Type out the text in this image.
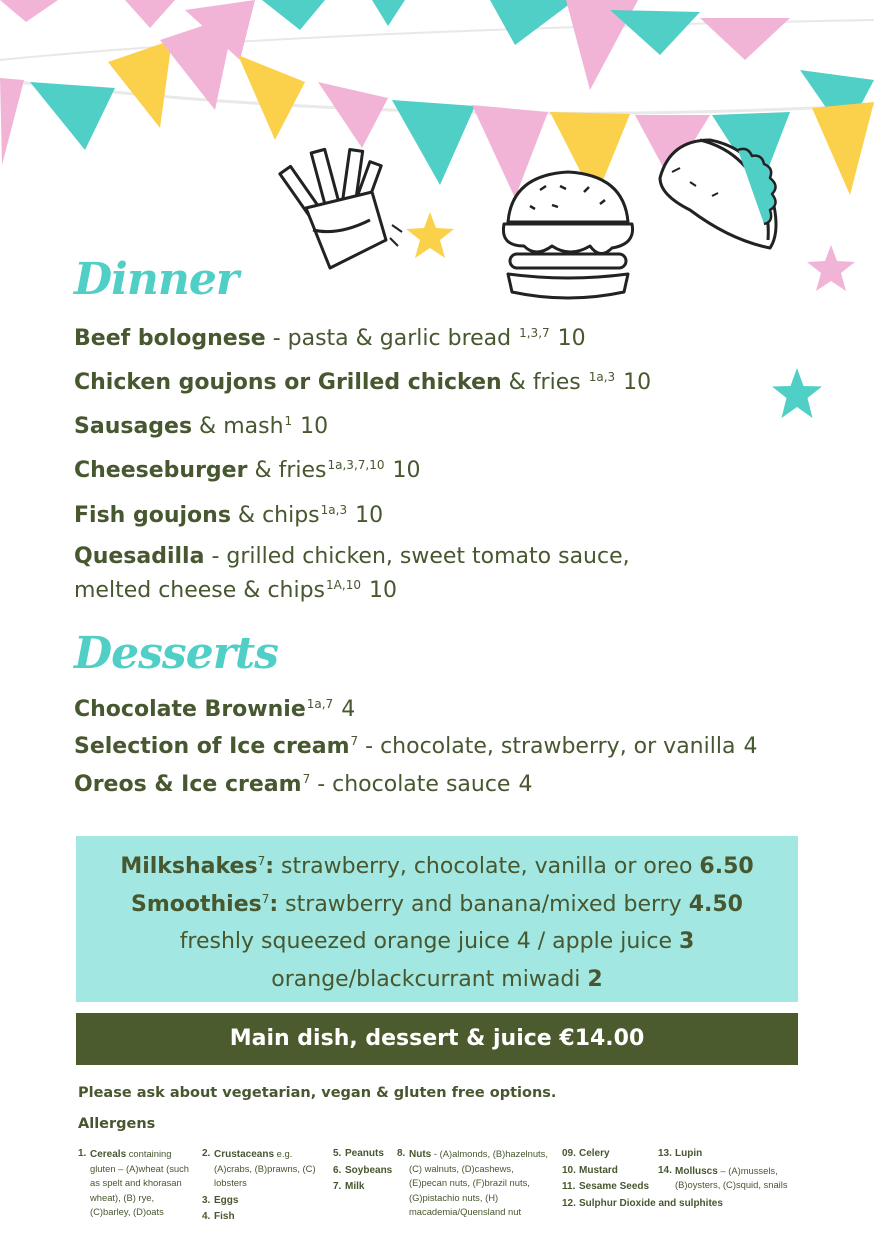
Dinner
Beef bolognese - pasta & garlic bread $^{1,3,7}$ 10
Chicken goujons or Grilled chicken & fries $^{1a,3}$ 10
Sausages & mash$^1$ 10
Cheeseburger & fries$^{1a,3,7,10}$ 10
Fish goujons & chips$^{1a,3}$ 10
Quesadilla - grilled chicken, sweet tomato sauce,
melted cheese & chips$^{1A,10}$ 10
Desserts
Chocolate Brownie$^{1a,7}$ 4
Selection of Ice cream$^7$ - chocolate, strawberry, or vanilla 4
Oreos & Ice cream$^7$ - chocolate sauce 4
Milkshakes$^7$: strawberry, chocolate, vanilla or oreo 6.50
Smoothies$^7$: strawberry and banana/mixed berry 4.50
freshly squeezed orange juice 4 / apple juice 3
orange/blackcurrant miwadi 2
Main dish, dessert & juice €14.00
Please ask about vegetarian, vegan & gluten free options.
Allergens
1. Cereals containing gluten – (A)wheat (such as spelt and khorasan wheat), (B) rye, (C)barley, (D)oats
2. Crustaceans e.g. (A)crabs, (B)prawns, (C) lobsters
3. Eggs
4. Fish
5. Peanuts
6. Soybeans
7. Milk
8. Nuts - (A)almonds, (B)hazelnuts, (C) walnuts, (D)cashews, (E)pecan nuts, (F)brazil nuts, (G)pistachio nuts, (H) macademia/Quensland nut
09. Celery
10. Mustard
11. Sesame Seeds
12. Sulphur Dioxide and sulphites
13. Lupin
14. Molluscs – (A)mussels, (B)oysters, (C)squid, snails
